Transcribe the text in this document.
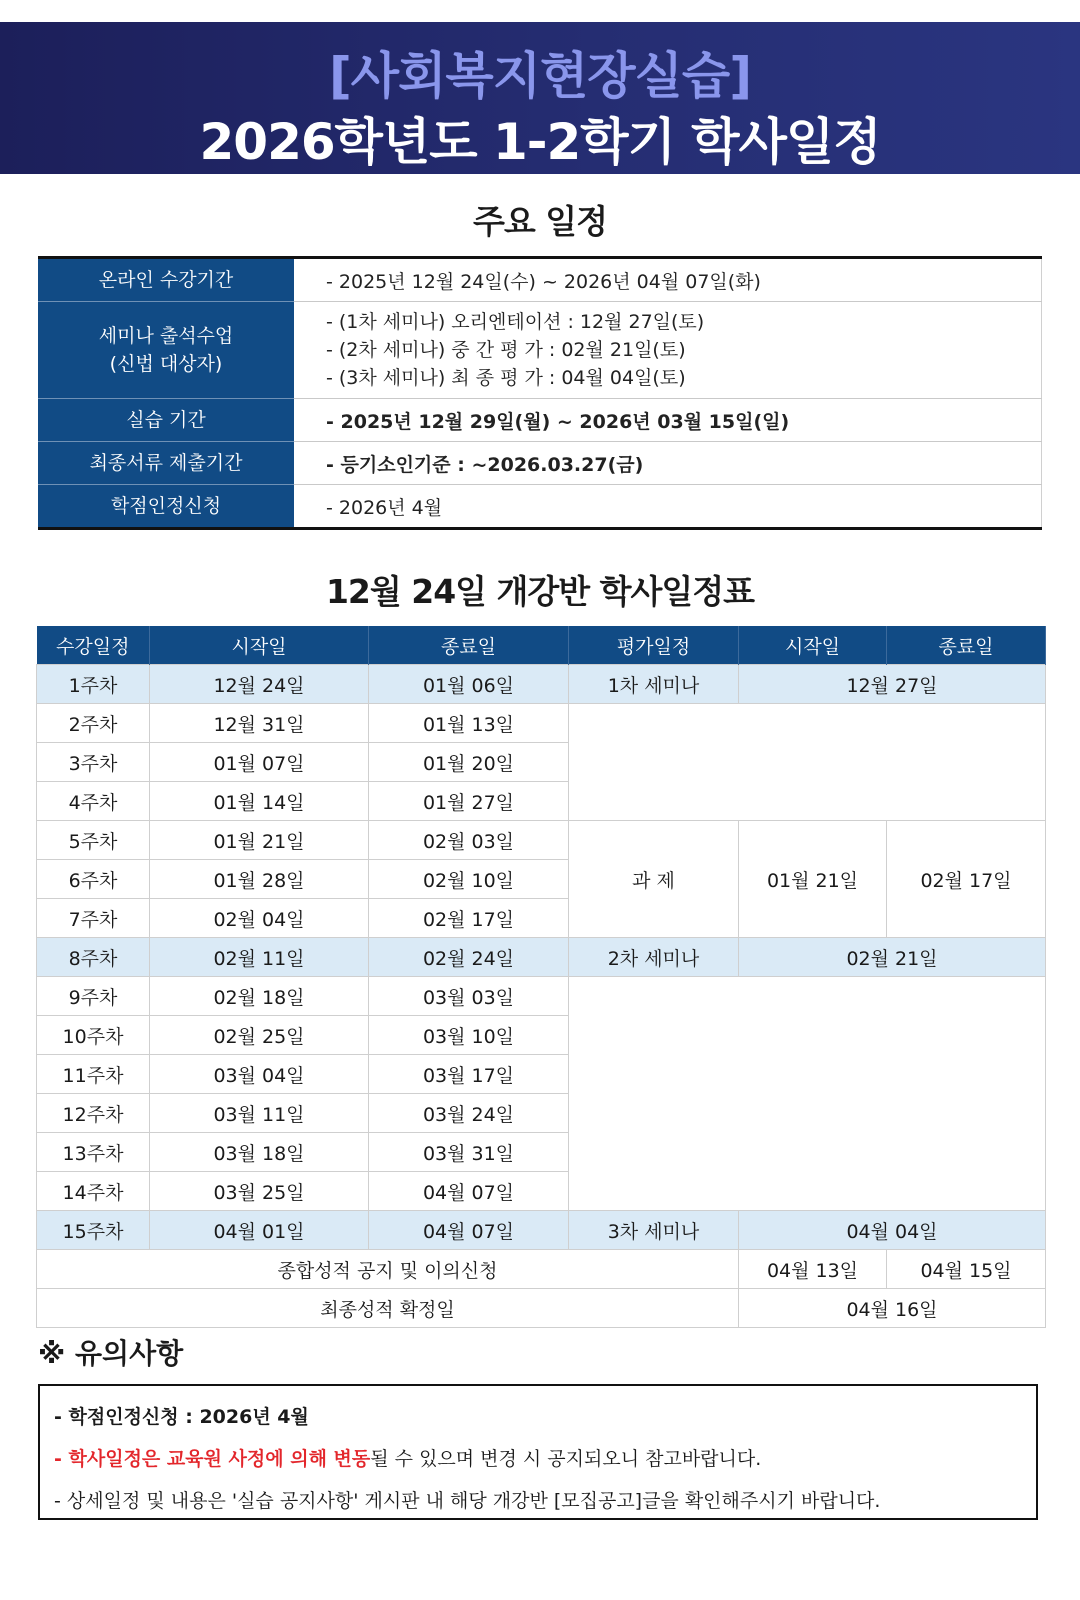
[사회복지현장실습]
2026학년도 1-2학기 학사일정
주요 일정
온라인 수강기간	- 2025년 12월 24일(수) ~ 2026년 04월 07일(화)

세미나 출석수업
(신법 대상자)	- (1차 세미나) 오리엔테이션 : 12월 27일(토)
- (2차 세미나) 중 간 평 가 : 02월 21일(토)
- (3차 세미나) 최 종 평 가 : 04월 04일(토)

실습 기간	- 2025년 12월 29일(월) ~ 2026년 03월 15일(일)
최종서류 제출기간	- 등기소인기준 : ~2026.03.27(금)
학점인정신청	- 2026년 4월
12월 24일 개강반 학사일정표
수강일정	시작일	종료일	평가일정	시작일	종료일
1주차	12월 24일	01월 06일	1차 세미나	12월 27일	
2주차	12월 31일	01월 13일			
3주차	01월 07일	01월 20일			
4주차	01월 14일	01월 27일			
5주차	01월 21일	02월 03일	과 제	01월 21일	02월 17일
6주차	01월 28일	02월 10일			
7주차	02월 04일	02월 17일			
8주차	02월 11일	02월 24일	2차 세미나	02월 21일	
9주차	02월 18일	03월 03일			
10주차	02월 25일	03월 10일			
11주차	03월 04일	03월 17일			
12주차	03월 11일	03월 24일			
13주차	03월 18일	03월 31일			
14주차	03월 25일	04월 07일			
15주차	04월 01일	04월 07일	3차 세미나	04월 04일	
종합성적 공지 및 이의신청				04월 13일	04월 15일
최종성적 확정일				04월 16일	
※ 유의사항
- 학점인정신청 : 2026년 4월
- 학사일정은 교육원 사정에 의해 변동될 수 있으며 변경 시 공지되오니 참고바랍니다.
- 상세일정 및 내용은 '실습 공지사항' 게시판 내 해당 개강반 [모집공고]글을 확인해주시기 바랍니다.
